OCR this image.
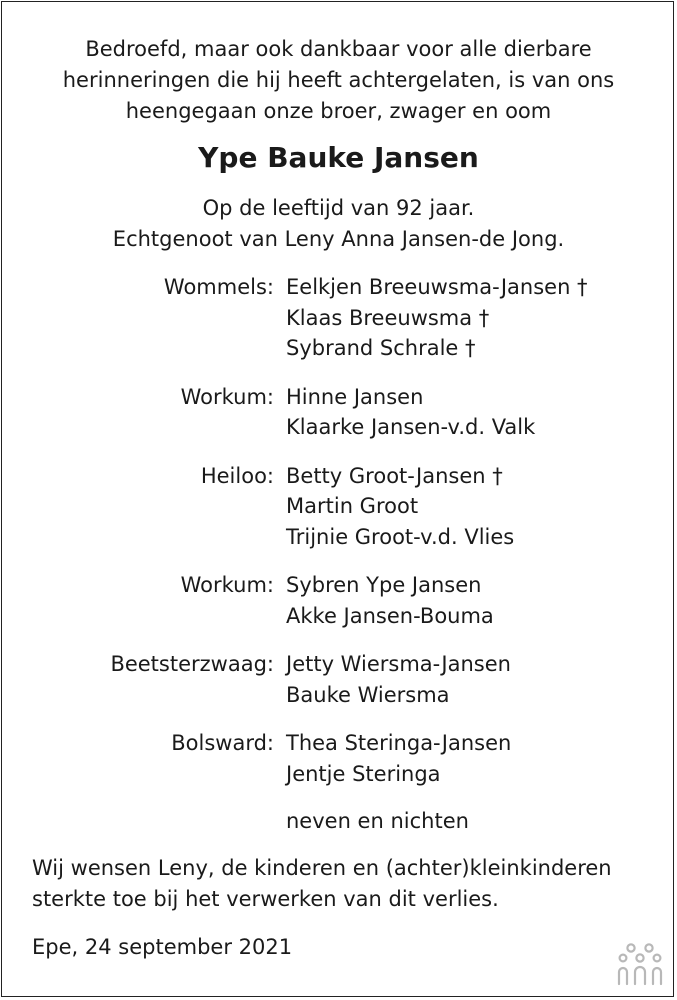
Bedroefd, maar ook dankbaar voor alle dierbare
herinneringen die hij heeft achtergelaten, is van ons
heengegaan onze broer, zwager en oom
Ype Bauke Jansen
Op de leeftijd van 92 jaar.
Echtgenoot van Leny Anna Jansen-de Jong.
Wommels: Eelkjen Breeuwsma-Jansen †
Klaas Breeuwsma †
Sybrand Schrale †
Workum: Hinne Jansen
Klaarke Jansen-v.d. Valk
Heiloo: Betty Groot-Jansen †
Martin Groot
Trijnie Groot-v.d. Vlies
Workum: Sybren Ype Jansen
Akke Jansen-Bouma
Beetsterzwaag: Jetty Wiersma-Jansen
Bauke Wiersma
Bolsward: Thea Steringa-Jansen
Jentje Steringa
neven en nichten
Wij wensen Leny, de kinderen en (achter)kleinkinderen
sterkte toe bij het verwerken van dit verlies.
Epe, 24 september 2021
